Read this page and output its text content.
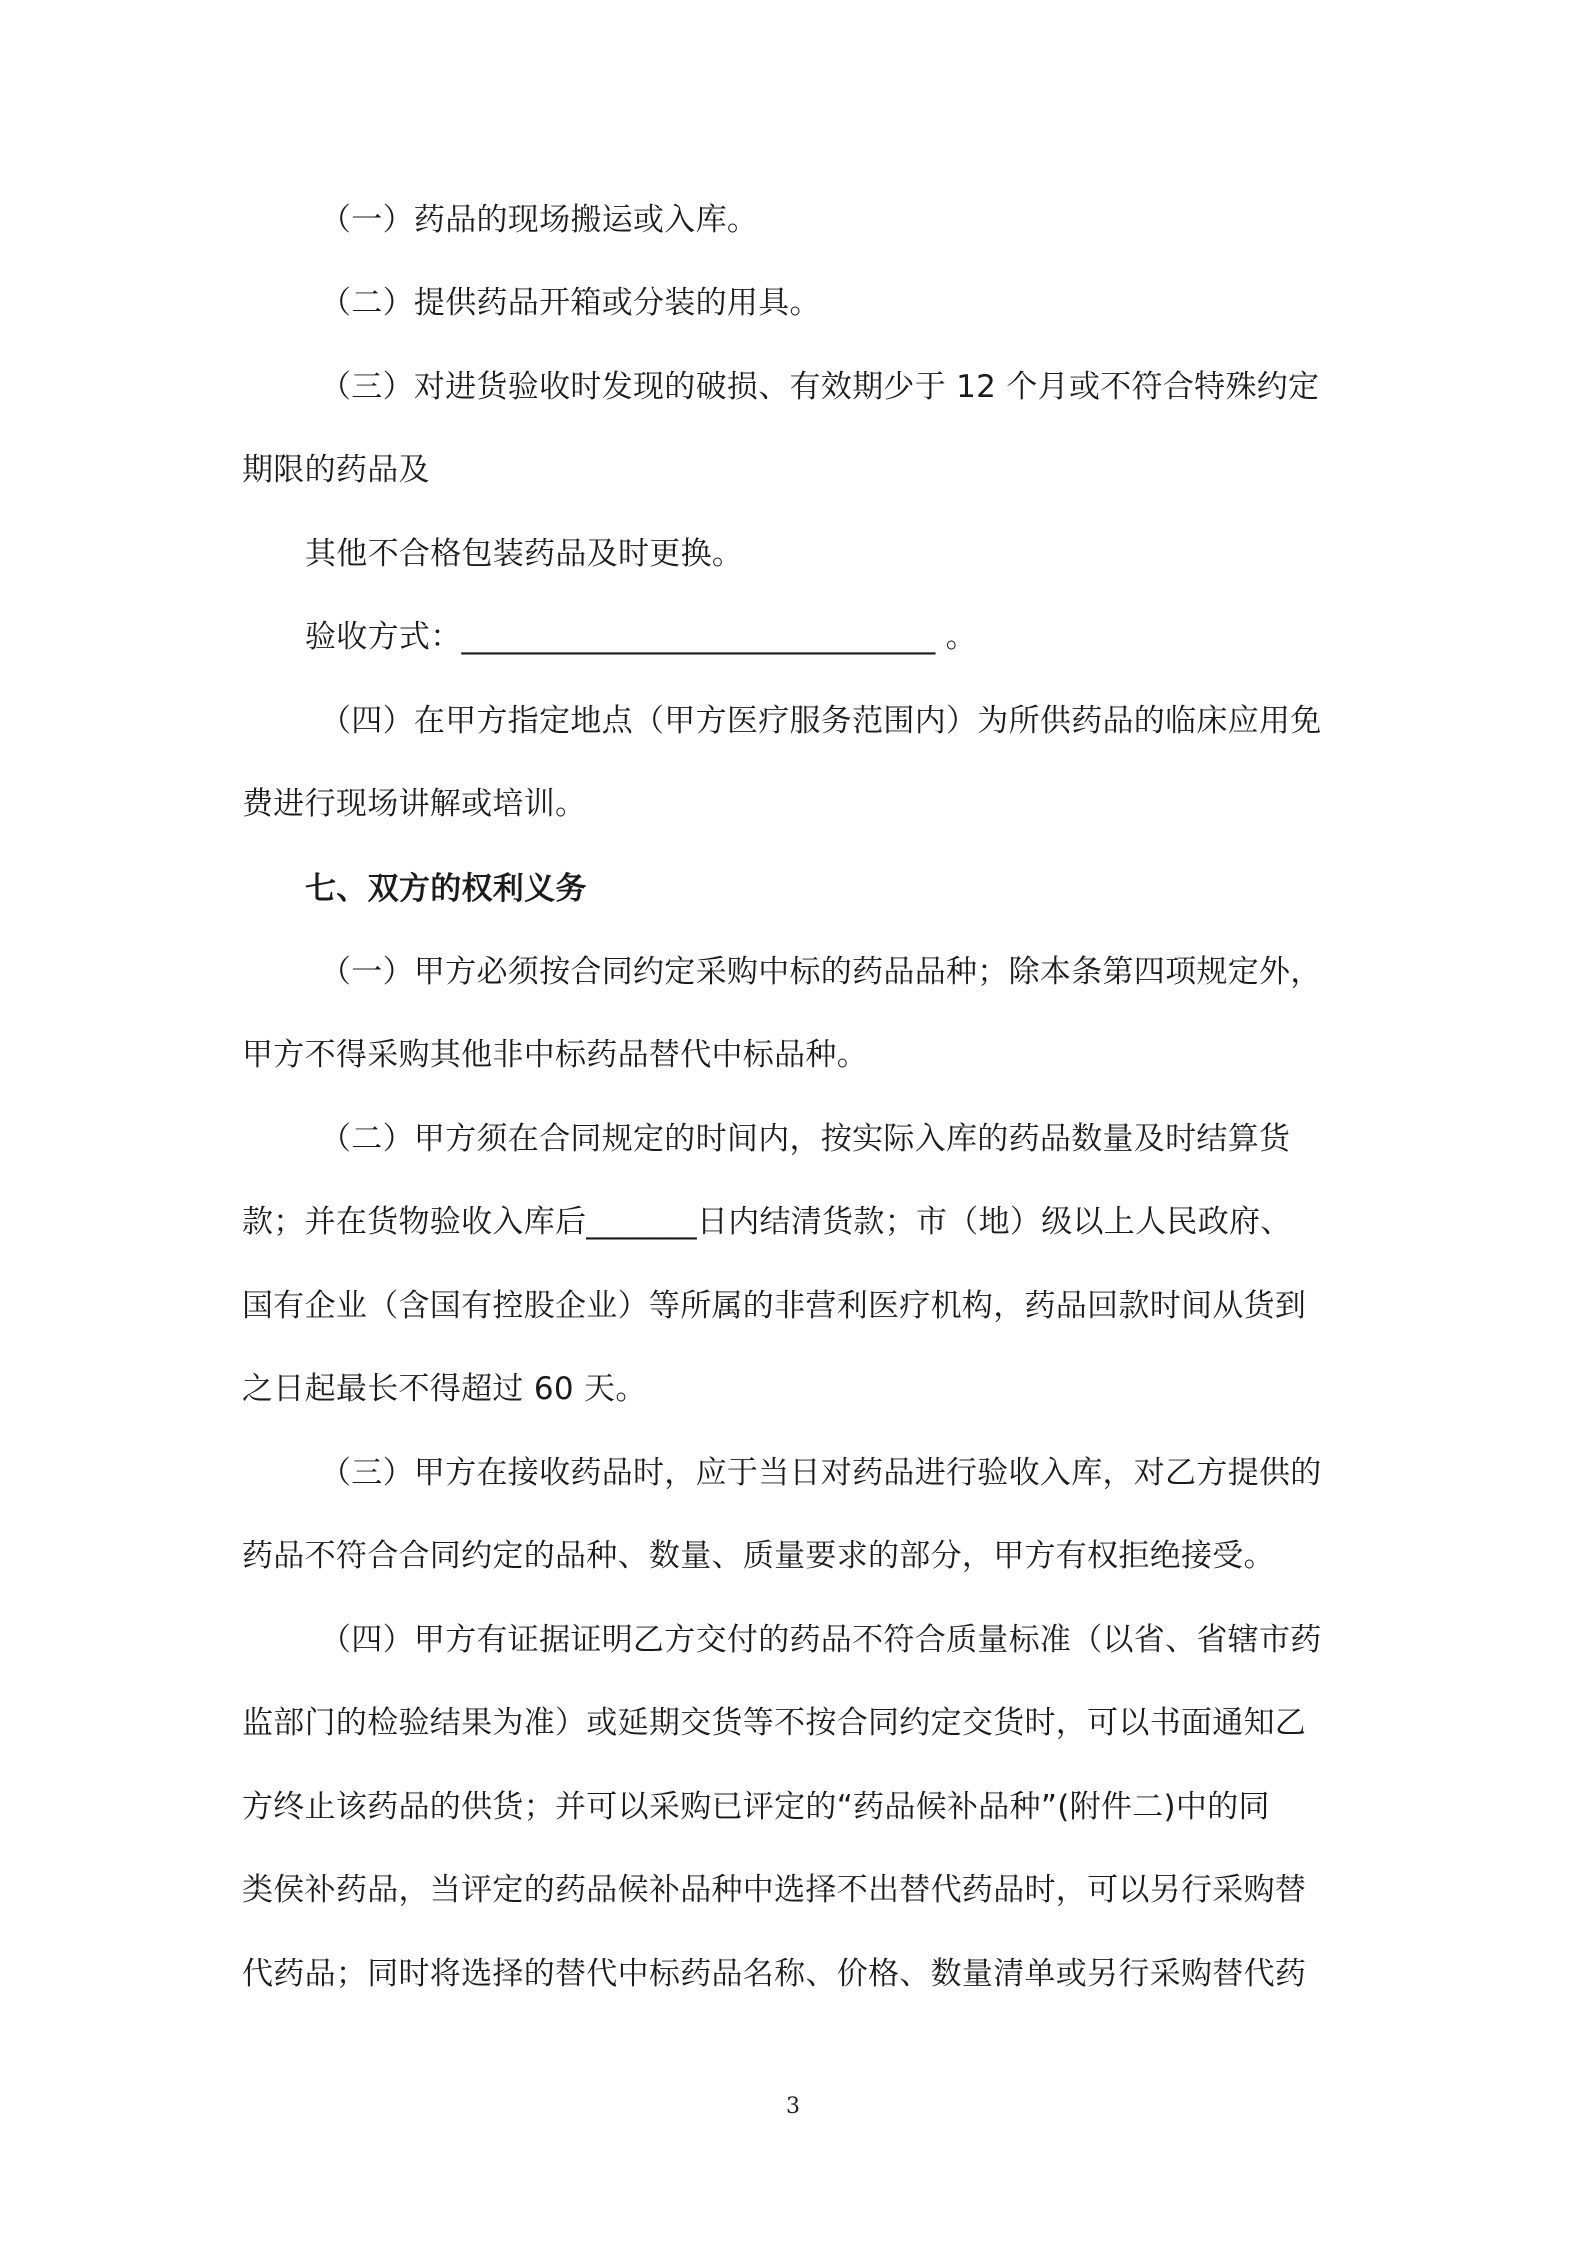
（一）药品的现场搬运或入库。
（二）提供药品开箱或分装的用具。
（三）对进货验收时发现的破损、有效期少于 12 个月或不符合特殊约定
期限的药品及
其他不合格包装药品及时更换。
验收方式：______________________________ 。
（四）在甲方指定地点（甲方医疗服务范围内）为所供药品的临床应用免
费进行现场讲解或培训。
七、双方的权利义务
（一）甲方必须按合同约定采购中标的药品品种；除本条第四项规定外，
甲方不得采购其他非中标药品替代中标品种。
（二）甲方须在合同规定的时间内，按实际入库的药品数量及时结算货
款；并在货物验收入库后_______日内结清货款；市（地）级以上人民政府、
国有企业（含国有控股企业）等所属的非营利医疗机构，药品回款时间从货到
之日起最长不得超过 60 天。
（三）甲方在接收药品时，应于当日对药品进行验收入库，对乙方提供的
药品不符合合同约定的品种、数量、质量要求的部分，甲方有权拒绝接受。
（四）甲方有证据证明乙方交付的药品不符合质量标准（以省、省辖市药
监部门的检验结果为准）或延期交货等不按合同约定交货时，可以书面通知乙
方终止该药品的供货；并可以采购已评定的“药品候补品种”(附件二)中的同
类侯补药品，当评定的药品候补品种中选择不出替代药品时，可以另行采购替
代药品；同时将选择的替代中标药品名称、价格、数量清单或另行采购替代药
3
